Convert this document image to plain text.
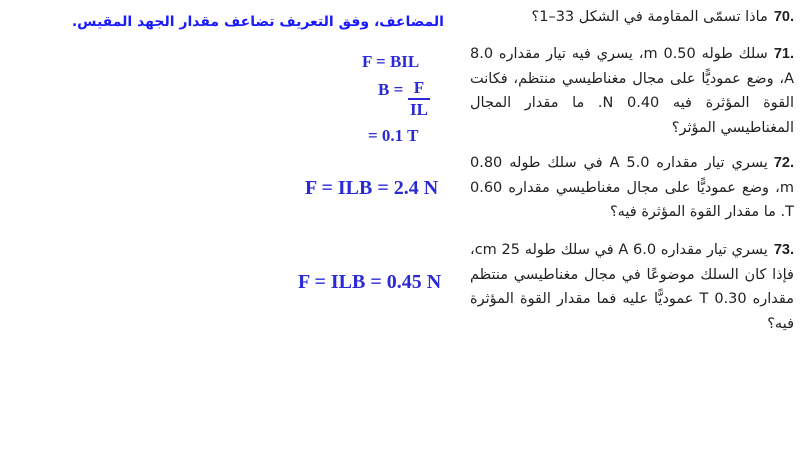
70.ماذا تسمّى المقاومة في الشكل 33–1؟
71.سلك طوله 0.50 m، يسري فيه تيار مقداره 8.0 A، وضع عموديًّا على مجال مغناطيسي منتظم، فكانت القوة المؤثرة فيه 0.40 N. ما مقدار المجال المغناطيسي المؤثر؟
72.يسري تيار مقداره 5.0 A في سلك طوله 0.80 m، وضع عموديًّا على مجال مغناطيسي مقداره 0.60 T. ما مقدار القوة المؤثرة فيه؟
73.يسري تيار مقداره 6.0 A في سلك طوله 25 cm، فإذا كان السلك موضوعًا في مجال مغناطيسي منتظم مقداره 0.30 T عموديًّا عليه فما مقدار القوة المؤثرة فيه؟
المضاعف، وفق التعريف تضاعف مقدار الجهد المقيس.
F = BIL
$B = \frac{F}{IL}$
= 0.1 T
F = ILB = 2.4 N
F = ILB = 0.45 N
